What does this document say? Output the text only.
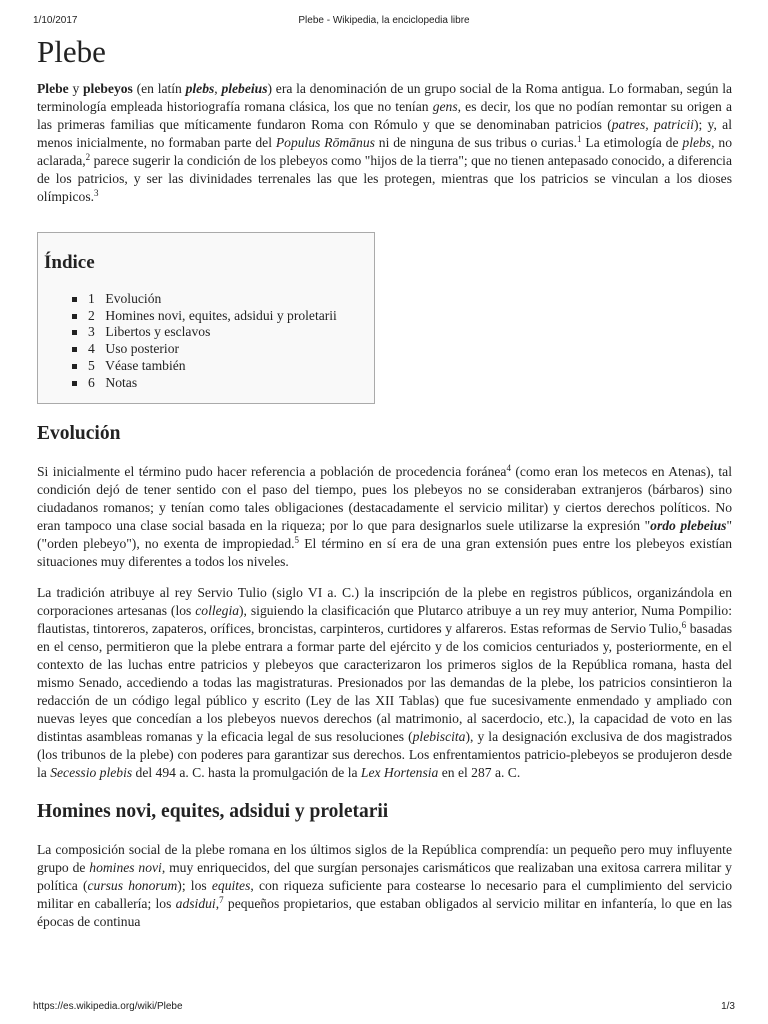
1/10/2017	Plebe - Wikipedia, la enciclopedia libre
Plebe

Plebe y plebeyos (en latín plebs, plebeius) era la denominación de un grupo social de la Roma antigua. Lo formaban, según la terminología empleada historiografía romana clásica, los que no tenían gens, es decir, los que no podían remontar su origen a las primeras familias que míticamente fundaron Roma con Rómulo y que se denominaban patricios (patres, patricii); y, al menos inicialmente, no formaban parte del Populus Rōmānus ni de ninguna de sus tribus o curias.$^1$ La etimología de plebs, no aclarada,$^2$ parece sugerir la condición de los plebeyos como "hijos de la tierra"; que no tienen antepasado conocido, a diferencia de los patricios, y ser las divinidades terrenales las que les protegen, mientras que los patricios se vinculan a los dioses olímpicos.$^3$

Índice
1 Evolución
2 Homines novi, equites, adsidui y proletarii
3 Libertos y esclavos
4 Uso posterior
5 Véase también
6 Notas
Evolución

Si inicialmente el término pudo hacer referencia a población de procedencia foránea$^4$ (como eran los metecos en Atenas), tal condición dejó de tener sentido con el paso del tiempo, pues los plebeyos no se consideraban extranjeros (bárbaros) sino ciudadanos romanos; y tenían como tales obligaciones (destacadamente el servicio militar) y ciertos derechos políticos. No eran tampoco una clase social basada en la riqueza; por lo que para designarlos suele utilizarse la expresión "ordo plebeius" ("orden plebeyo"), no exenta de impropiedad.$^5$ El término en sí era de una gran extensión pues entre los plebeyos existían situaciones muy diferentes a todos los niveles.

La tradición atribuye al rey Servio Tulio (siglo VI a. C.) la inscripción de la plebe en registros públicos, organizándola en corporaciones artesanas (los collegia), siguiendo la clasificación que Plutarco atribuye a un rey muy anterior, Numa Pompilio: flautistas, tintoreros, zapateros, orífices, broncistas, carpinteros, curtidores y alfareros. Estas reformas de Servio Tulio,$^6$ basadas en el censo, permitieron que la plebe entrara a formar parte del ejército y de los comicios centuriados y, posteriormente, en el contexto de las luchas entre patricios y plebeyos que caracterizaron los primeros siglos de la República romana, hasta del mismo Senado, accediendo a todas las magistraturas. Presionados por las demandas de la plebe, los patricios consintieron la redacción de un código legal público y escrito (Ley de las XII Tablas) que fue sucesivamente enmendado y ampliado con nuevas leyes que concedían a los plebeyos nuevos derechos (al matrimonio, al sacerdocio, etc.), la capacidad de voto en las distintas asambleas romanas y la eficacia legal de sus resoluciones (plebiscita), y la designación exclusiva de dos magistrados (los tribunos de la plebe) con poderes para garantizar sus derechos. Los enfrentamientos patricio-plebeyos se produjeron desde la Secessio plebis del 494 a. C. hasta la promulgación de la Lex Hortensia en el 287 a. C.

Homines novi, equites, adsidui y proletarii

La composición social de la plebe romana en los últimos siglos de la República comprendía: un pequeño pero muy influyente grupo de homines novi, muy enriquecidos, del que surgían personajes carismáticos que realizaban una exitosa carrera militar y política (cursus honorum); los equites, con riqueza suficiente para costearse lo necesario para el cumplimiento del servicio militar en caballería; los adsidui,$^7$ pequeños propietarios, que estaban obligados al servicio militar en infantería, lo que en las épocas de continua

https://es.wikipedia.org/wiki/Plebe	1/3
